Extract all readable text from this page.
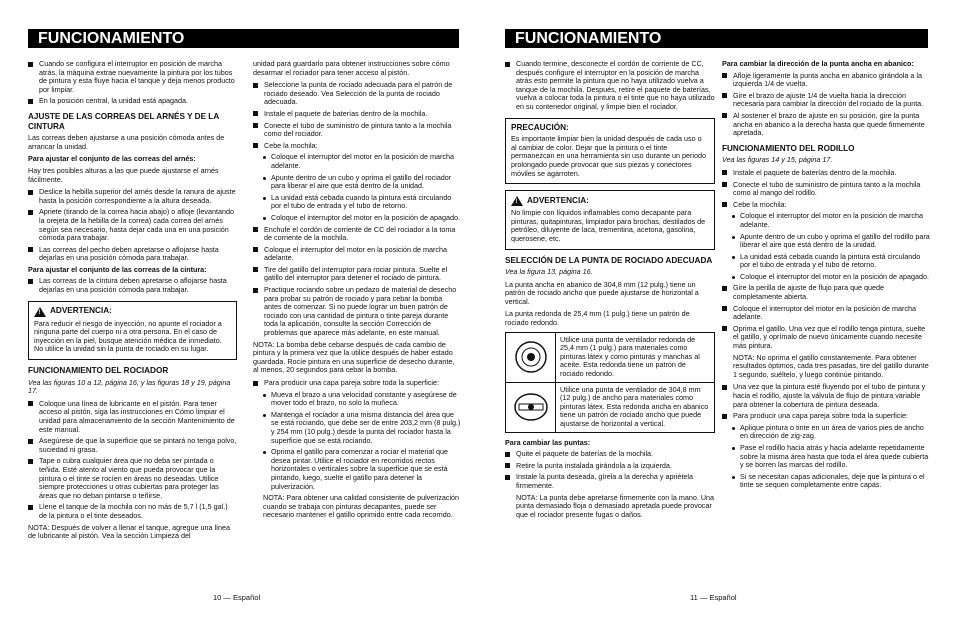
FUNCIONAMIENTO
Cuando se configura el interruptor en posición de marcha atrás, la máquina extrae nuevamente la pintura por los tubos de pintura y esta fluye hacia el tanque y deja menos producto por limpiar.
En la posición central, la unidad está apagada.
AJUSTE DE LAS CORREAS DEL ARNÉS Y DE LA CINTURA

Las correas deben ajustarse a una posición cómoda antes de arrancar la unidad.

Para ajustar el conjunto de las correas del arnés:

Hay tres posibles alturas a las que puede ajustarse el arnés fácilmente.

Deslice la hebilla superior del arnés desde la ranura de ajuste hasta la posición correspondiente a la altura deseada.
Apriete (tirando de la correa hacia abajo) o afloje (levantando la orejeta de la hebilla de la correa) cada correa del arnés según sea necesario, hasta dejar cada una en una posición cómoda para trabajar.
Las correas del pecho deben apretarse o aflojarse hasta dejarlas en una posición cómoda para trabajar.
Para ajustar el conjunto de las correas de la cintura:
Las correas de la cintura deben apretarse o aflojarse hasta dejarlas en una posición cómoda para trabajar.
! ADVERTENCIA:
Para reducir el riesgo de inyección, no apunte el rociador a ninguna parte del cuerpo ni a otra persona. En el caso de inyección en la piel, busque atención médica de inmediato. No utilice la unidad sin la punta de rociado en su lugar.
FUNCIONAMIENTO DEL ROCIADOR
Vea las figuras 10 a 12, página 16, y las figuras 18 y 19, página 17.
Coloque una línea de lubricante en el pistón. Para tener acceso al pistón, siga las instrucciones en Cómo limpiar el unidad para almacenamiento de la sección Mantenimiento de este manual.
Asegúrese de que la superficie que se pintará no tenga polvo, suciedad ni grasa.
Tape o cubra cualquier área que no deba ser pintada o teñida. Esté atento al viento que pueda provocar que la pintura o el tinte se rocíen en áreas no deseadas. Utilice siempre protecciones u otras cubiertas para proteger las áreas que no deban pintarse o teñirse.
Llene el tanque de la mochila con no más de 5,7 l (1,5 gal.) de la pintura o el tinte deseados.

NOTA: Después de volver a llenar el tanque, agregue una línea de lubricante al pistón. Vea la sección Limpieza del

unidad para guardarlo para obtener instrucciones sobre cómo desarmar el rociador para tener acceso al pistón.

Seleccione la punta de rociado adecuada para el patrón de rociado deseado. Vea Selección de la punta de rociado adecuada.
Instale el paquete de baterías dentro de la mochila.
Conecte el tubo de suministro de pintura tanto a la mochila como del rociador.
Cebe la mochila:
Coloque el interruptor del motor en la posición de marcha adelante.
Apunte dentro de un cubo y oprima el gatillo del rociador para liberar el aire que está dentro de la unidad.
La unidad está cebada cuando la pintura está circulando por el tubo de entrada y el tubo de retorno.
Coloque el interruptor del motor en la posición de apagado.
Enchufe el cordón de corriente de CC del rociador a la toma de corriente de la mochila.
Coloque el interruptor del motor en la posición de marcha adelante.
Tire del gatillo del interruptor para rociar pintura. Suelte el gatillo del interruptor para detener el rociado de pintura.
Practique rociando sobre un pedazo de material de desecho para probar su patrón de rociado y para cebar la bomba antes de comenzar. Si no puede lograr un buen patrón de rociado con una cantidad de pintura o tinte pareja durante toda la aplicación, consulte la sección Corrección de problemas que aparece más adelante, en este manual.

NOTA: La bomba debe cebarse después de cada cambio de pintura y la primera vez que la utilice después de haber estado guardada. Rocíe pintura en una superficie de desecho durante, al menos, 20 segundos para cebar la bomba.

Para producir una capa pareja sobre toda la superficie:
Mueva el brazo a una velocidad constante y asegúrese de mover todo el brazo, no solo la muñeca.
Mantenga el rociador a una misma distancia del área que se está rociando, que debe ser de entre 203,2 mm (8 pulg.) y 254 mm (10 pulg.) desde la punta del rociador hasta la superficie que se está rociando.
Oprima el gatillo para comenzar a rociar el material que desea pintar. Utilice el rociador en recorridos rectos horizontales o verticales sobre la superficie que se está pintando, luego, suelte el gatillo para detener la pulverización.

NOTA: Para obtener una calidad consistente de pulverización cuando se trabaja con pinturas decapantes, puede ser necesario mantener el gatillo oprimido entre cada recorrido.

10 — Español
FUNCIONAMIENTO
Cuando termine, desconecte el cordón de corriente de CC, después configure el interruptor en la posición de marcha atrás esto permite la pintura que no haya utilizado vuelva a tanque de la mochila. Después, retire el paquete de baterías, vuelva a colocar toda la pintura o el tinte que no haya utilizado en su contenedor original, y limpie bien el rociador.
PRECAUCIÓN:
Es importante limpiar bien la unidad después de cada uso o al cambiar de color. Dejar que la pintura o el tinte permanezcan en una herramienta sin uso durante un periodo prolongado puede provocar que sus piezas y conectores móviles se agarroten.
! ADVERTENCIA:
No limpie con líquidos inflamables como decapante para pinturas, quitapinturas, limpiador para brochas, destilados de petróleo, diluyente de laca, trementina, acetona, gasolina, querosene, etc.
SELECCIÓN DE LA PUNTA DE ROCIADO ADECUADA
Vea la figura 13, página 16.

La punta ancha en abanico de 304,8 mm (12 pulg.) tiene un patrón de rociado ancho que puede ajustarse de horizontal a vertical.

La punta redonda de 25,4 mm (1 pulg.) tiene un patrón de rociado redondo.

Utilice una punta de ventilador redonda de 25,4 mm (1 pulg.) para materiales como pinturas látex y como pinturas y manchas al aceite. Esta redonda tiene un patrón de rociado redondo.
Utilice una punta de ventilador de 304,8 mm (12 pulg.) de ancho para materiales como pinturas látex. Esta redonda ancha en abanico tiene un patrón de rociado ancho que puede ajustarse de horizontal a vertical.
Para cambiar las puntas:
Quite el paquete de baterías de la mochila.
Retire la punta instalada girándola a la izquierda.
Instale la punta deseada, gírela a la derecha y apriétela firmemente.

NOTA: La punta debe apretarse firmemente con la mano. Una punta demasiado floja o demasiado apretada puede provocar que el rociador presente fugas o daños.

Para cambiar la dirección de la punta ancha en abanico:
Afloje ligeramente la punta ancha en abanico girándola a la izquierda 1/4 de vuelta.
Gire el brazo de ajuste 1/4 de vuelta hacia la dirección necesaria para cambiar la dirección del rociado de la punta.
Al sostener el brazo de ajuste en su posición, gire la punta ancha en abanico a la derecha hasta que quede firmemente apretada.
FUNCIONAMIENTO DEL RODILLO
Vea las figuras 14 y 15, página 17.
Instale el paquete de baterías dentro de la mochila.
Conecte el tubo de suministro de pintura tanto a la mochila como al mango del rodillo.
Cebe la mochila:
Coloque el interruptor del motor en la posición de marcha adelante.
Apunte dentro de un cubo y oprima el gatillo del rodillo para liberar el aire que está dentro de la unidad.
La unidad está cebada cuando la pintura está circulando por el tubo de entrada y el tubo de retorno.
Coloque el interruptor del motor en la posición de apagado.
Gire la perilla de ajuste de flujo para que quede completamente abierta.
Coloque el interruptor del motor en la posición de marcha adelante.
Oprima el gatillo. Una vez que el rodillo tenga pintura, suelte el gatillo, y oprímalo de nuevo únicamente cuando necesite más pintura.

NOTA: No oprima el gatillo constantemente. Para obtener resultados óptimos, cada tres pasadas, tire del gatillo durante 1 segundo, suéltelo, y luego continúe pintando.

Una vez que la pintura esté fluyendo por el tubo de pintura y hacia el rodillo, ajuste la válvula de flujo de pintura variable para obtener la cobertura de pintura deseada.
Para producir una capa pareja sobre toda la superficie:
Aplique pintura o tinte en un área de varios pies de ancho en dirección de zig-zag.
Pase el rodillo hacia atrás y hacia adelante repetidamente sobre la misma área hasta que toda el área quede cubierta y se borren las marcas del rodillo.
Si se necesitan capas adicionales, deje que la pintura o el tinte se sequen completamente entre capas.
11 — Español
